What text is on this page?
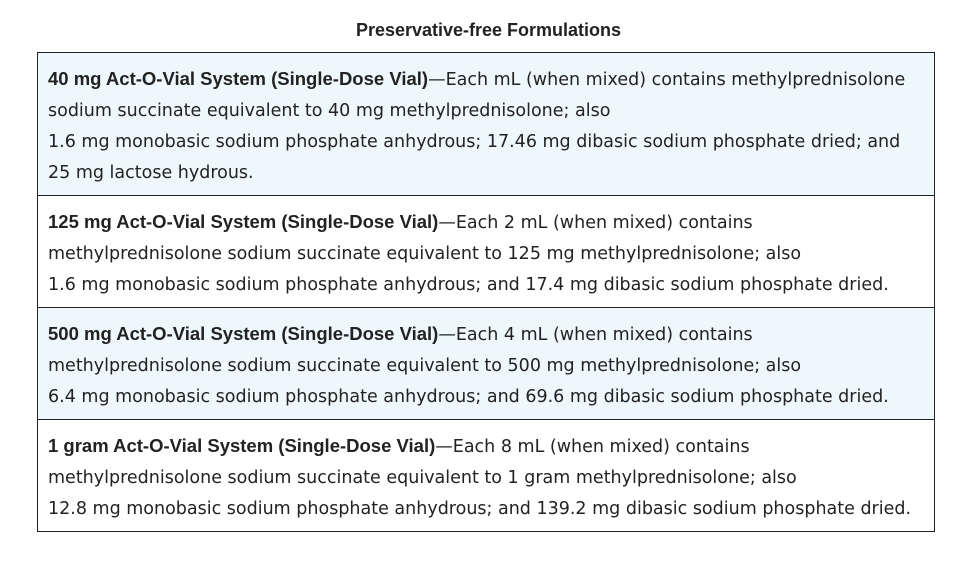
Preservative-free Formulations
40 mg Act-O-Vial System (Single-Dose Vial)—Each mL (when mixed) contains methylprednisolone
sodium succinate equivalent to 40 mg methylprednisolone; also
1.6 mg monobasic sodium phosphate anhydrous; 17.46 mg dibasic sodium phosphate dried; and
25 mg lactose hydrous.
125 mg Act-O-Vial System (Single-Dose Vial)—Each 2 mL (when mixed) contains
methylprednisolone sodium succinate equivalent to 125 mg methylprednisolone; also
1.6 mg monobasic sodium phosphate anhydrous; and 17.4 mg dibasic sodium phosphate dried.
500 mg Act-O-Vial System (Single-Dose Vial)—Each 4 mL (when mixed) contains
methylprednisolone sodium succinate equivalent to 500 mg methylprednisolone; also
6.4 mg monobasic sodium phosphate anhydrous; and 69.6 mg dibasic sodium phosphate dried.
1 gram Act-O-Vial System (Single-Dose Vial)—Each 8 mL (when mixed) contains
methylprednisolone sodium succinate equivalent to 1 gram methylprednisolone; also
12.8 mg monobasic sodium phosphate anhydrous; and 139.2 mg dibasic sodium phosphate dried.
